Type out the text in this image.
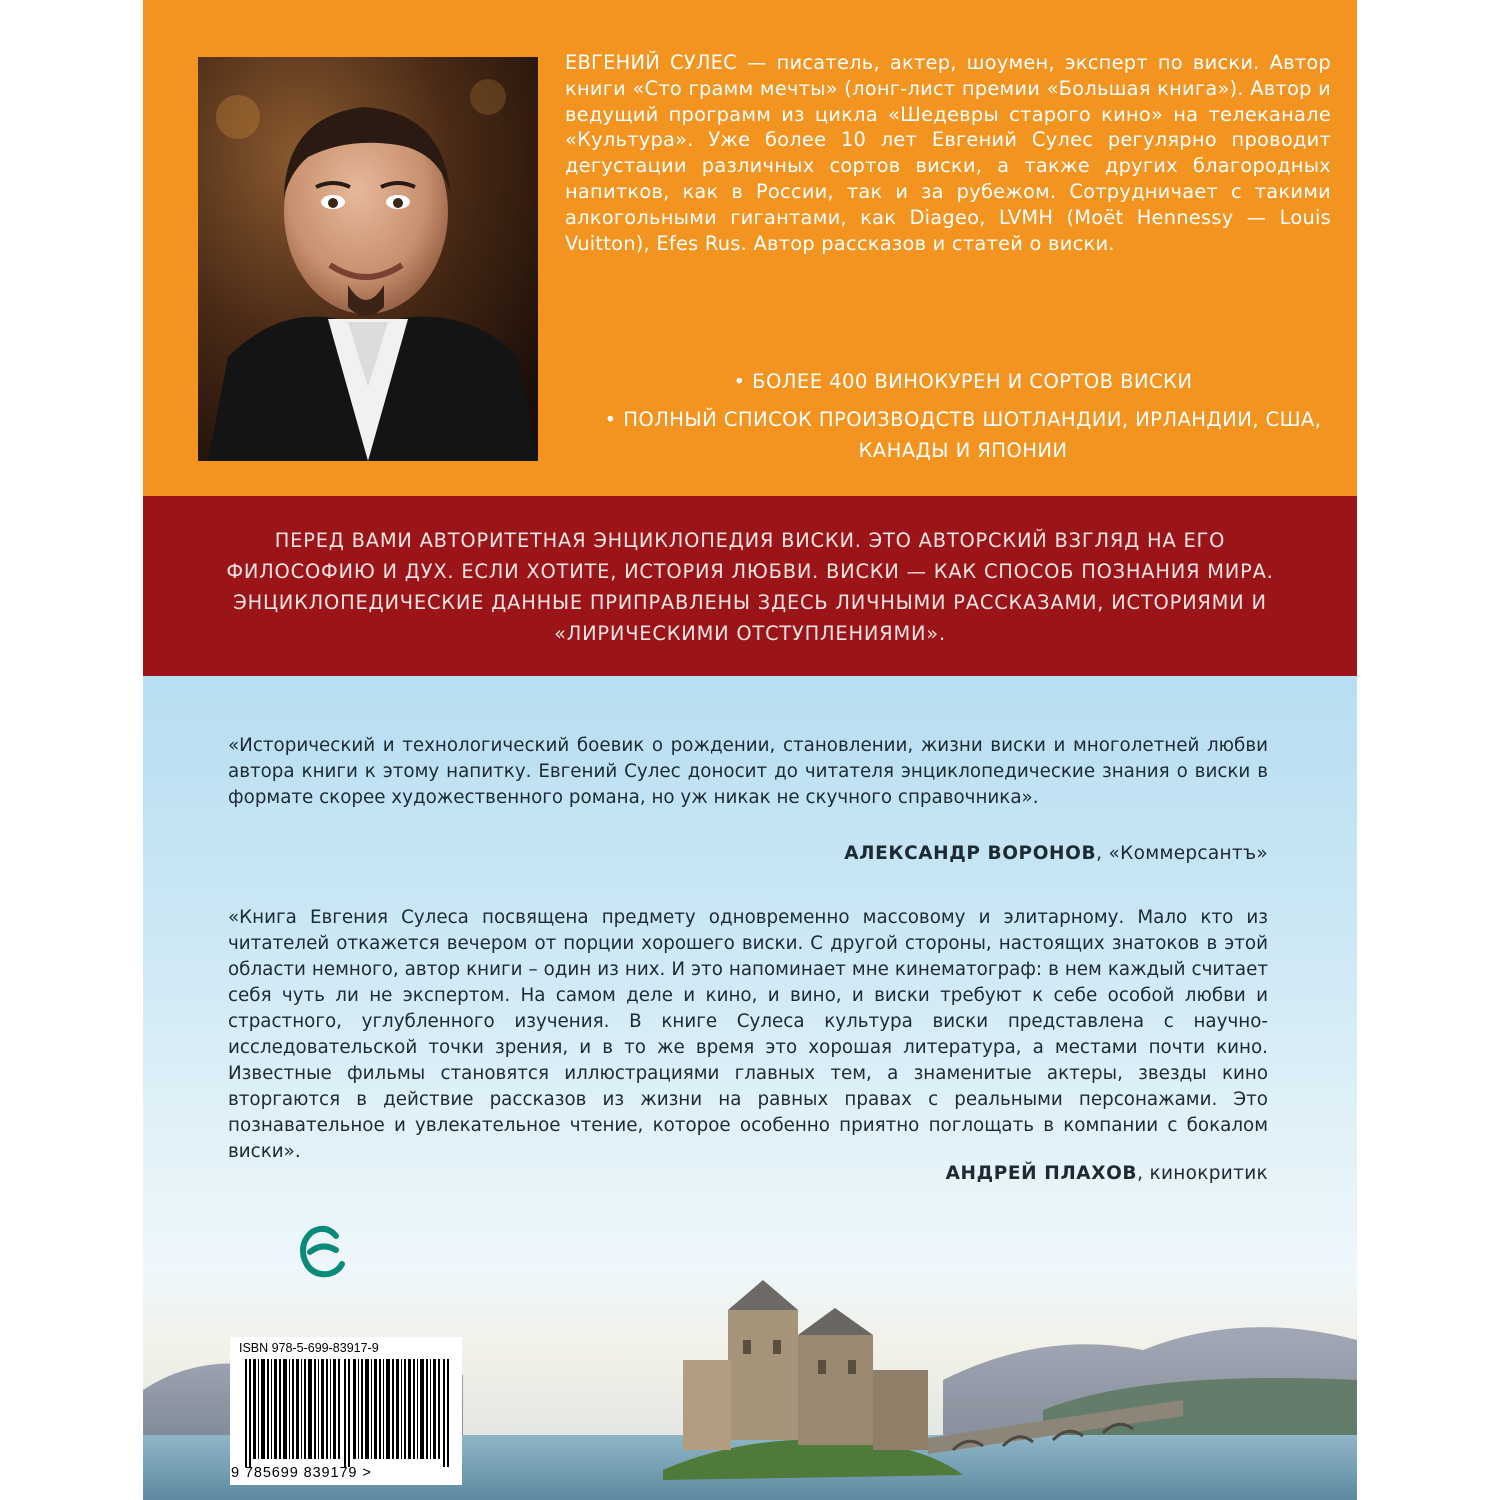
ЕВГЕНИЙ СУЛЕС — писатель, актер, шоумен, эксперт по виски. Автор книги «Сто грамм мечты» (лонг-лист премии «Большая книга»). Автор и ведущий программ из цикла «Шедевры старого кино» на телеканале «Культура». Уже более 10 лет Евгений Сулес регулярно проводит дегустации различных сортов виски, а также других благородных напитков, как в России, так и за рубежом. Сотрудничает с такими алкогольными гигантами, как Diageo, LVMH (Moët Hennessy — Louis Vuitton), Efes Rus. Автор рассказов и статей о виски.

• БОЛЕЕ 400 ВИНОКУРЕН И СОРТОВ ВИСКИ
• ПОЛНЫЙ СПИСОК ПРОИЗВОДСТВ ШОТЛАНДИИ, ИРЛАНДИИ, США, КАНАДЫ И ЯПОНИИ

ПЕРЕД ВАМИ АВТОРИТЕТНАЯ ЭНЦИКЛОПЕДИЯ ВИСКИ. ЭТО АВТОРСКИЙ ВЗГЛЯД НА ЕГО ФИЛОСОФИЮ И ДУХ. ЕСЛИ ХОТИТЕ, ИСТОРИЯ ЛЮБВИ. ВИСКИ — КАК СПОСОБ ПОЗНАНИЯ МИРА. ЭНЦИКЛОПЕДИЧЕСКИЕ ДАННЫЕ ПРИПРАВЛЕНЫ ЗДЕСЬ ЛИЧНЫМИ РАССКАЗАМИ, ИСТОРИЯМИ И «ЛИРИЧЕСКИМИ ОТСТУПЛЕНИЯМИ».

«Исторический и технологический боевик о рождении, становлении, жизни виски и многолетней любви автора книги к этому напитку. Евгений Сулес доносит до читателя энциклопедические знания о виски в формате скорее художественного романа, но уж никак не скучного справочника».

АЛЕКСАНДР ВОРОНОВ, «Коммерсантъ»

«Книга Евгения Сулеса посвящена предмету одновременно массовому и элитарному. Мало кто из читателей откажется вечером от порции хорошего виски. С другой стороны, настоящих знатоков в этой области немного, автор книги – один из них. И это напоминает мне кинематограф: в нем каждый считает себя чуть ли не экспертом. На самом деле и кино, и вино, и виски требуют к себе особой любви и страстного, углубленного изучения. В книге Сулеса культура виски представлена с научно-исследовательской точки зрения, и в то же время это хорошая литература, а местами почти кино. Известные фильмы становятся иллюстрациями главных тем, а знаменитые актеры, звезды кино вторгаются в действие рассказов из жизни на равных правах с реальными персонажами. Это познавательное и увлекательное чтение, которое особенно приятно поглощать в компании с бокалом виски».

АНДРЕЙ ПЛАХОВ, кинокритик

ISBN 978-5-699-83917-9
9 785699 839179 >
